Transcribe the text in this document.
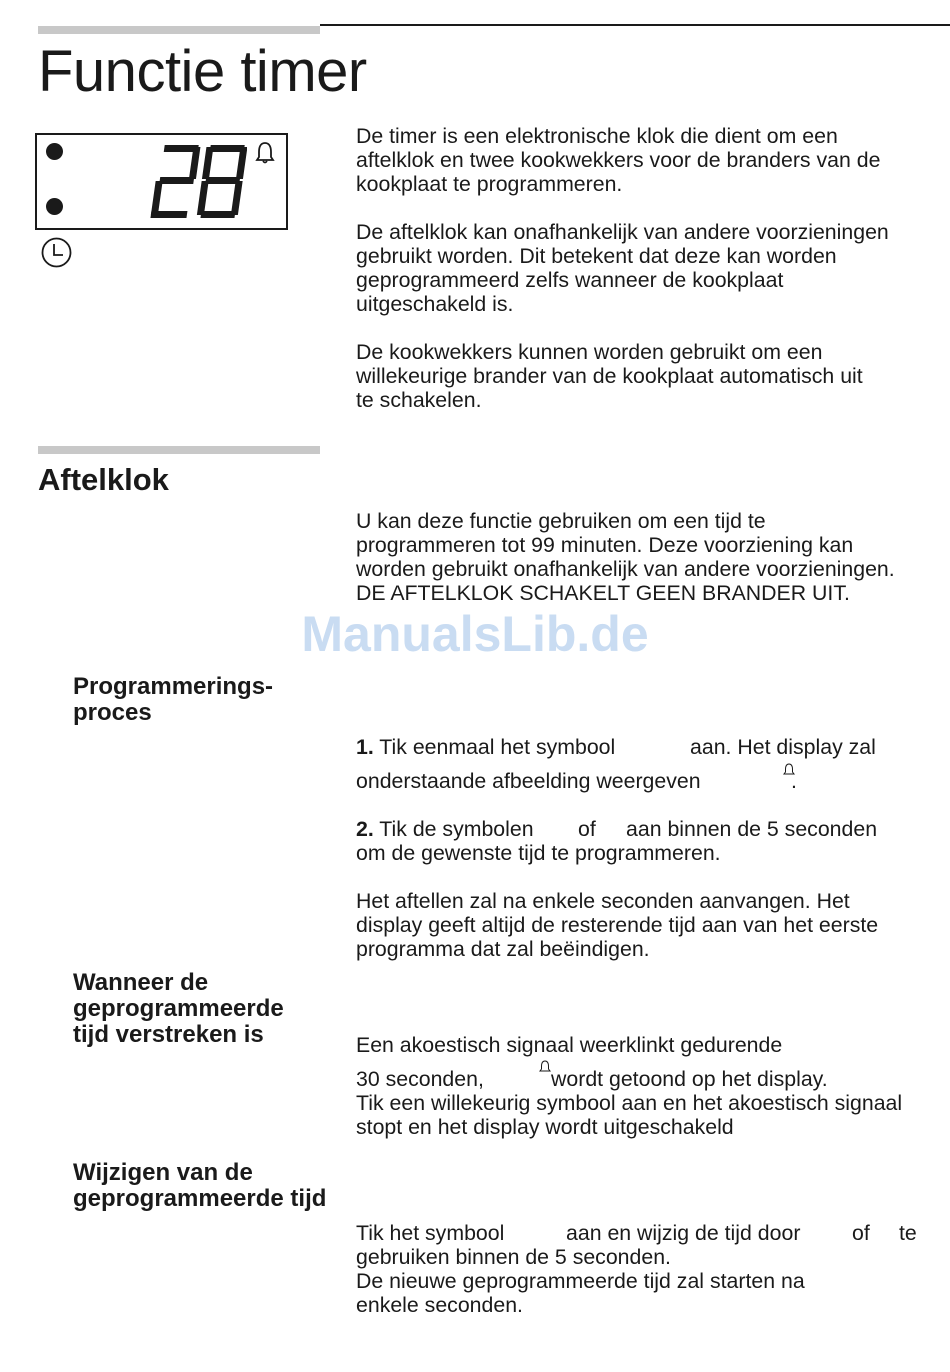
Functie timer

De timer is een elektronische klok die dient om een
aftelklok en twee kookwekkers voor de branders van de
kookplaat te programmeren.

De aftelklok kan onafhankelijk van andere voorzieningen
gebruikt worden. Dit betekent dat deze kan worden
geprogrammeerd zelfs wanneer de kookplaat
uitgeschakeld is.

De kookwekkers kunnen worden gebruikt om een
willekeurige brander van de kookplaat automatisch uit
te schakelen.

Aftelklok

U kan deze functie gebruiken om een tijd te
programmeren tot 99 minuten. Deze voorziening kan
worden gebruikt onafhankelijk van andere voorzieningen.
DE AFTELKLOK SCHAKELT GEEN BRANDER UIT.

ManualsLib.de
Programmerings-
proces
1. Tik eenmaal het symbool	aan. Het display zal
onderstaande afbeelding weergeven	.
2. Tik de symbolen of aan binnen de 5 seconden
om de gewenste tijd te programmeren.

Het aftellen zal na enkele seconden aanvangen. Het
display geeft altijd de resterende tijd aan van het eerste
programma dat zal beëindigen.

Wanneer de
geprogrammeerde
tijd verstreken is	Een akoestisch signaal weerklinkt gedurende
30 seconden,	wordt getoond op het display.

Tik een willekeurig symbool aan en het akoestisch signaal
stopt en het display wordt uitgeschakeld

Wijzigen van de
geprogrammeerde tijd
Tik het symbool	aan en wijzig de tijd door of te

gebruiken binnen de 5 seconden.
De nieuwe geprogrammeerde tijd zal starten na
enkele seconden.
